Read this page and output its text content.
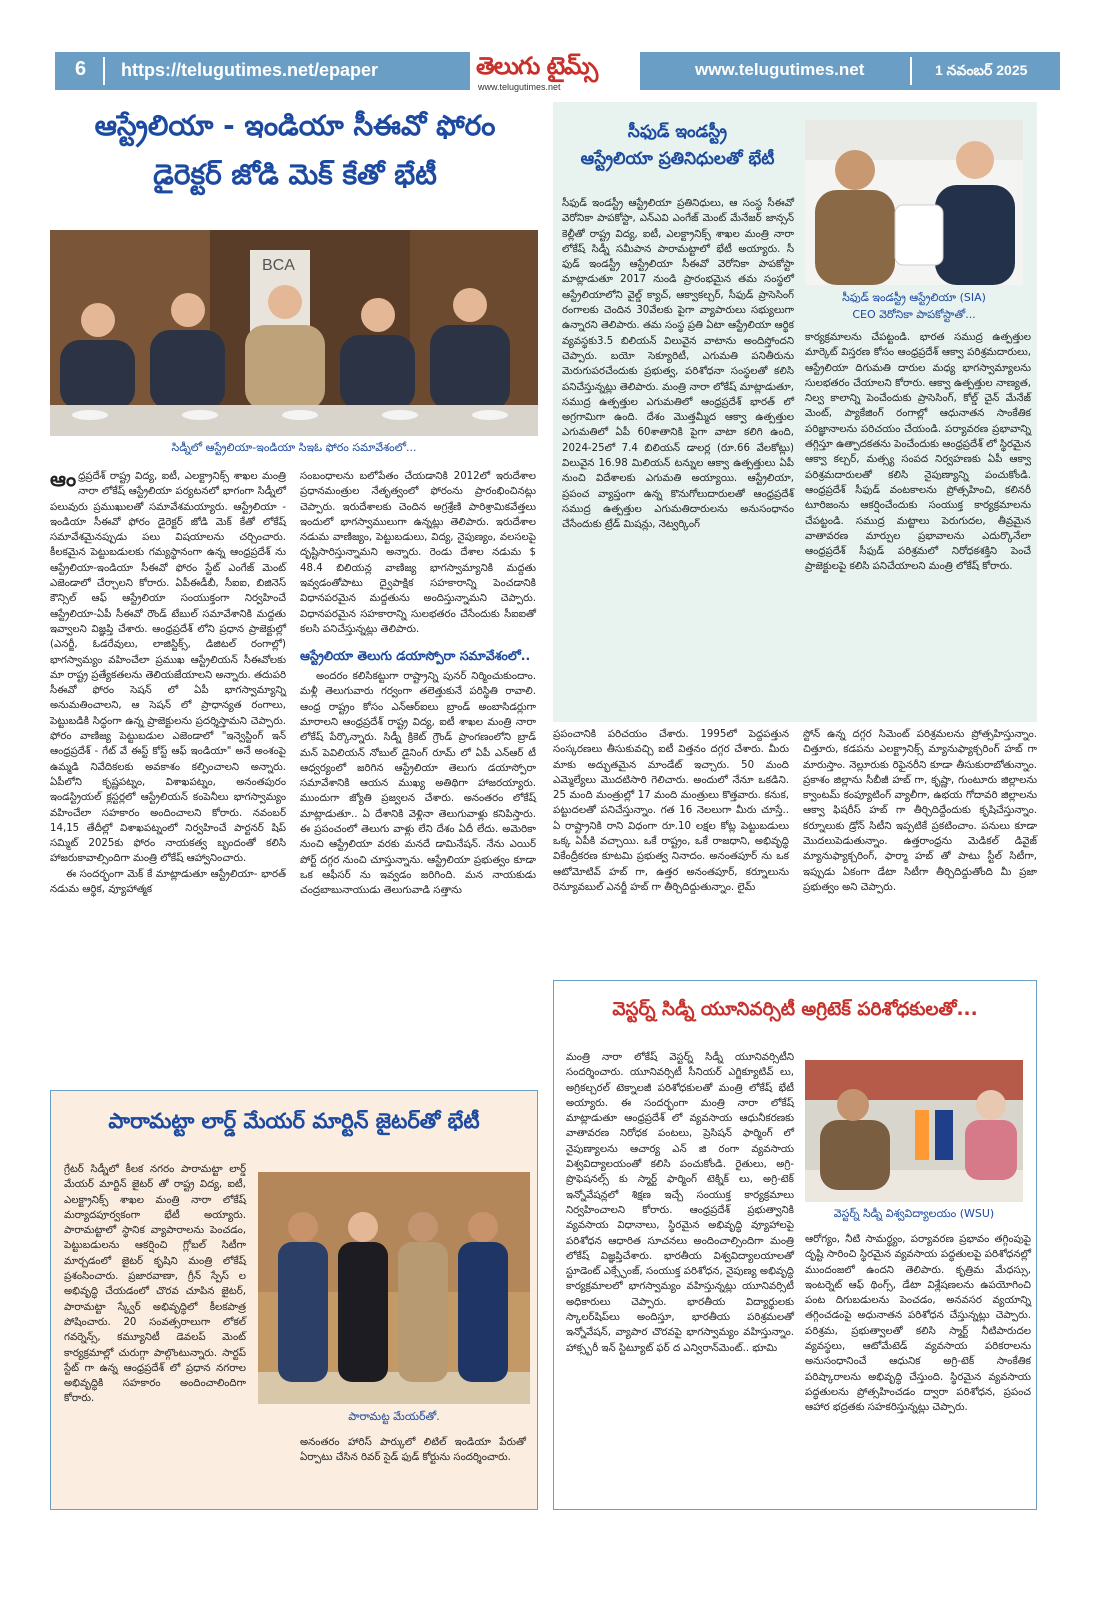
6 https://telugutimes.net/epaper	www.telugutimes.net	1 నవంబర్ 2025
తెలుగు టైమ్స్
www.telugutimes.net
ఆస్ట్రేలియా - ఇండియా సీఈవో ఫోరం
డైరెక్టర్ జోడి మెక్ కేతో భేటీ
BCA
సిడ్నీలో ఆస్ట్రేలియా-ఇండియా సిఇఓ ఫోరం సమావేశంలో...
ఆంధ్రప్రదేశ్ రాష్ట్ర విద్య, ఐటీ, ఎలక్ట్రానిక్స్ శాఖల మంత్రి నారా లోకేష్ ఆస్ట్రేలియా పర్యటనలో భాగంగా సిడ్నీలో పలువురు ప్రముఖులతో సమావేశమయ్యారు. ఆస్ట్రేలియా - ఇండియా సీఈవో ఫోరం డైరెక్టర్ జోడి మెక్ కేతో లోకేష్ సమావేశమైనప్పుడు పలు విషయాలను చర్చించారు. కీలకమైన పెట్టుబడులకు గమ్యస్థానంగా ఉన్న ఆంధ్రప్రదేశ్ ను ఆస్ట్రేలియా-ఇండియా సీఈవో ఫోరం స్టేట్ ఎంగేజ్ మెంట్ ఎజెండాలో చేర్చాలని కోరారు. ఏపీఈడీబీ, సీఐఐ, బిజినెస్ కౌన్సిల్ ఆఫ్ ఆస్ట్రేలియా సంయుక్తంగా నిర్వహించే ఆస్ట్రేలియా-ఏపీ సీఈవో రౌండ్ టేబుల్ సమావేశానికి మద్దతు ఇవ్వాలని విజ్ఞప్తి చేశారు. ఆంధ్రప్రదేశ్ లోని ప్రధాన ప్రాజెక్టుల్లో (ఎనర్జీ, ఓడరేవులు, లాజిస్టిక్స్, డిజిటల్ రంగాల్లో) భాగస్వామ్యం వహించేలా ప్రముఖ ఆస్ట్రేలియన్ సీఈవోలకు మా రాష్ట్ర ప్రత్యేకతలను తెలియజేయాలని అన్నారు. తదుపరి సీఈవో ఫోరం సెషన్ లో ఏపీ భాగస్వామ్యాన్ని అనుమతించాలని, ఆ సెషన్ లో ప్రాధాన్యత రంగాలు, పెట్టుబడికి సిద్ధంగా ఉన్న ప్రాజెక్టులను ప్రదర్శిస్తామని చెప్పారు. ఫోరం వాణిజ్య పెట్టుబడుల ఎజెండాలో "ఇన్వెస్టింగ్ ఇన్ ఆంధ్రప్రదేశ్ - గేట్ వే ఈస్ట్ కోస్ట్ ఆఫ్ ఇండియా" అనే అంశంపై ఉమ్మడి నివేదికలకు అవకాశం కల్పించాలని అన్నారు. ఏపీలోని కృష్ణపట్నం, విశాఖపట్నం, అనంతపురం ఇండస్ట్రియల్ క్లస్టర్లలో ఆస్ట్రేలియన్ కంపెనీలు భాగస్వామ్యం వహించేలా సహకారం అందించాలని కోరారు. నవంబర్ 14,15 తేదీల్లో విశాఖపట్నంలో నిర్వహించే పార్టనర్ షిప్ సమ్మిట్ 2025కు ఫోరం నాయకత్వ బృందంతో కలిసి హాజరుకావాల్సిందిగా మంత్రి లోకేష్ ఆహ్వానించారు.
ఈ సందర్భంగా మెక్ కే మాట్లాడుతూ ఆస్ట్రేలియా- భారత్ నడుమ ఆర్థిక, వ్యూహాత్మక
సంబంధాలను బలోపేతం చేయడానికి 2012లో ఇరుదేశాల ప్రధానమంత్రుల నేతృత్వంలో ఫోరంను ప్రారంభించినట్లు చెప్పారు. ఇరుదేశాలకు చెందిన అగ్రశ్రేణి పారిశ్రామికవేత్తలు ఇందులో భాగస్వాములుగా ఉన్నట్లు తెలిపారు. ఇరుదేశాల నడుమ వాణిజ్యం, పెట్టుబడులు, విద్య, నైపుణ్యం, వలసలపై దృష్టిసారిస్తున్నామని అన్నారు. రెండు దేశాల నడుమ $ 48.4 బిలియన్ల వాణిజ్య భాగస్వామ్యానికి మద్దతు ఇవ్వడంతోపాటు ద్వైపాక్షిక సహకారాన్ని పెంచడానికి విధానపరమైన మద్దతును అందిస్తున్నామని చెప్పారు. విధానపరమైన సహకారాన్ని సులభతరం చేసేందుకు సీఐఐతో కలసి పనిచేస్తున్నట్లు తెలిపారు.
ఆస్ట్రేలియా తెలుగు డయాస్పోరా సమావేశంలో..
అందరం కలిసికట్టుగా రాష్ట్రాన్ని పునర్ నిర్మించుకుందాం. మళ్లీ తెలుగువారు గర్వంగా తలెత్తుకునే పరిస్థితి రావాలి. ఆంధ్ర రాష్ట్రం కోసం ఎన్ఆర్ఐలు బ్రాండ్ అంబాసిడర్లుగా మారాలని ఆంధ్రప్రదేశ్ రాష్ట్ర విద్య, ఐటీ శాఖల మంత్రి నారా లోకేష్ పేర్కొన్నారు. సిడ్నీ క్రికెట్ గ్రౌండ్ ప్రాంగణంలోని బ్రాడ్ మన్ పెవిలియన్ నోబుల్ డైనింగ్ రూమ్ లో ఏపీ ఎన్ఆర్ టీ ఆధ్వర్యంలో జరిగిన ఆస్ట్రేలియా తెలుగు డయాస్పోరా సమావేశానికి ఆయన ముఖ్య అతిథిగా హాజరయ్యారు. ముందుగా జ్యోతి ప్రజ్వలన చేశారు. అనంతరం లోకేష్ మాట్లాడుతూ.. ఏ దేశానికి వెళ్లినా తెలుగువాళ్లు కనిపిస్తారు. ఈ ప్రపంచంలో తెలుగు వాళ్లు లేని దేశం ఏదీ లేదు. అమెరికా నుంచి ఆస్ట్రేలియా వరకు మనదే డామినేషన్. నేను ఎయిర్ పోర్ట్ దగ్గర నుంచి చూస్తున్నాను. ఆస్ట్రేలియా ప్రభుత్వం కూడా ఒక ఆఫీసర్ ను ఇవ్వడం జరిగింది. మన నాయకుడు చంద్రబాబునాయుడు తెలుగువాడి సత్తాను
సీఫుడ్ ఇండస్ట్రీ
ఆస్ట్రేలియా ప్రతినిధులతో భేటీ
సీఫుడ్ ఇండస్ట్రీ ఆస్ట్రేలియా (SIA)
CEO వెరోనికా పాపకోస్టాతో...
సీఫుడ్ ఇండస్ట్రీ ఆస్ట్రేలియా ప్రతినిధులు, ఆ సంస్థ సీఈవో వెరోనికా పాపకోస్టా, ఎన్ఎవి ఎంగేజ్ మెంట్ మేనేజర్ జాన్సన్ కెల్లీతో రాష్ట్ర విద్య, ఐటీ, ఎలక్ట్రానిక్స్ శాఖల మంత్రి నారా లోకేష్ సిడ్నీ సమీపాన పారామట్టాలో భేటీ అయ్యారు. సీ ఫుడ్ ఇండస్ట్రీ ఆస్ట్రేలియా సీఈవో వెరోనికా పాపకోస్టా మాట్లాడుతూ 2017 నుండి ప్రారంభమైన తమ సంస్థలో ఆస్ట్రేలియాలోని వైల్డ్ క్యాచ్, ఆక్వాకల్చర్, సీఫుడ్ ప్రాసెసింగ్ రంగాలకు చెందిన 30వేలకు పైగా వ్యాపారులు సభ్యులుగా ఉన్నారని తెలిపారు. తమ సంస్థ ప్రతి ఏటా ఆస్ట్రేలియా ఆర్థిక వ్యవస్థకు3.5 బిలియన్ విలువైన వాటాను అందిస్తోందని చెప్పారు. బయో సెక్యూరిటీ, ఎగుమతి పనితీరును మెరుగుపరచేందుకు ప్రభుత్వ, పరిశోధనా సంస్థలతో కలిసి పనిచేస్తున్నట్లు తెలిపారు. మంత్రి నారా లోకేష్ మాట్లాడుతూ, సముద్ర ఉత్పత్తుల ఎగుమతిలో ఆంధ్రప్రదేశ్ భారత్ లో అగ్రగామిగా ఉంది. దేశం మొత్తమ్మీద ఆక్వా ఉత్పత్తుల ఎగుమతిలో ఏపీ 60శాతానికి పైగా వాటా కలిగి ఉంది, 2024-25లో 7.4 బిలియన్ డాలర్ల (రూ.66 వేలకోట్లు) విలువైన 16.98 మిలియన్ టన్నుల ఆక్వా ఉత్పత్తులు ఏపీ నుంచి విదేశాలకు ఎగుమతి అయ్యాయి. ఆస్ట్రేలియా, ప్రపంచ వ్యాప్తంగా ఉన్న కొనుగోలుదారులతో ఆంధ్రప్రదేశ్ సముద్ర ఉత్పత్తుల ఎగుమతిదారులను అనుసంధానం చేసేందుకు ట్రేడ్ మిషన్లు, నెట్వర్కింగ్
కార్యక్రమాలను చేపట్టండి. భారత సముద్ర ఉత్పత్తుల మార్కెట్ విస్తరణ కోసం ఆంధ్రప్రదేశ్ ఆక్వా పరిశ్రమదారులు, ఆస్ట్రేలియా దిగుమతి దారుల మధ్య భాగస్వామ్యాలను సులభతరం చేయాలని కోరారు. ఆక్వా ఉత్పత్తుల నాణ్యత, నిల్వ కాలాన్ని పెంచేందుకు ప్రాసెసింగ్, కోల్డ్ చైన్ మేనేజ్ మెంట్, ప్యాకేజింగ్ రంగాల్లో ఆధునాతన సాంకేతిక పరిజ్ఞానాలను పరిచయం చేయండి. పర్యావరణ ప్రభావాన్ని తగ్గిస్తూ ఉత్పాదకతను పెంచేందుకు ఆంధ్రప్రదేశ్ లో స్థిరమైన ఆక్వా కల్చర్, మత్స్య సంపద నిర్వహణకు ఏపీ ఆక్వా పరిశ్రమదారులతో కలిసి నైపుణ్యాన్ని పంచుకోండి. ఆంధ్రప్రదేశ్ సీఫుడ్ వంటకాలను ప్రోత్సహించి, కలినరీ టూరిజంను ఆకర్షించేందుకు సంయుక్త కార్యక్రమాలను చేపట్టండి. సముద్ర మట్టాలు పెరుగుదల, తీవ్రమైన వాతావరణ మార్పుల ప్రభావాలను ఎదుర్కొనేలా ఆంధ్రప్రదేశ్ సీఫుడ్ పరిశ్రమలో నిరోధకశక్తిని పెంచే ప్రాజెక్టులపై కలిసి పనిచేయాలని మంత్రి లోకేష్ కోరారు.
ప్రపంచానికి పరిచయం చేశారు. 1995లో పెద్దపత్తున సంస్కరణలు తీసుకువచ్చి ఐటీ విత్తనం దగ్గర చేశారు. మీరు మాకు అద్భుతమైన మాండేట్ ఇచ్చారు. 50 మంది ఎమ్మెల్యేలు మొదటిసారి గెలిచారు. అందులో నేనూ ఒకడిని. 25 మంది మంత్రుల్లో 17 మంది మంత్రులు కొత్తవారు. కనుక, పట్టుదలతో పనిచేస్తున్నాం. గత 16 నెలలుగా మీరు చూస్తే.. ఏ రాష్ట్రానికి రాని విధంగా రూ.10 లక్షల కోట్ల పెట్టుబడులు ఒక్క ఏపీకి వచ్చాయి. ఒకే రాష్ట్రం, ఒకే రాజధాని, అభివృద్ధి వికేంద్రీకరణ కూటమి ప్రభుత్వ నినాదం. అనంతపూర్ ను ఒక ఆటోమోటివ్ హబ్ గా, ఉత్తర అనంతపూర్, కర్నూలును రెన్యూవబుల్ ఎనర్జీ హబ్ గా తీర్చిదిద్దుతున్నాం. లైమ్
స్టోన్ ఉన్న దగ్గర సిమెంట్ పరిశ్రమలను ప్రోత్సహిస్తున్నాం. చిత్తూరు, కడపను ఎలక్ట్రానిక్స్ మ్యానుఫ్యాక్చరింగ్ హబ్ గా మారుస్తాం. నెల్లూరుకు రిఫైనరీని కూడా తీసుకురాబోతున్నాం. ప్రకాశం జిల్లాను సీబీజీ హబ్ గా, కృష్ణా, గుంటూరు జిల్లాలను క్వాంటమ్ కంప్యూటింగ్ వ్యాలీగా, ఉభయ గోదావరి జిల్లాలను ఆక్వా ఫిషరీస్ హబ్ గా తీర్చిదిద్దేందుకు కృషిచేస్తున్నాం. కర్నూలుకు డ్రోన్ సిటీని ఇప్పటికే ప్రకటించాం. పనులు కూడా మొదలుపెడుతున్నాం. ఉత్తరాంధ్రను మెడికల్ డివైజ్ మ్యానుఫ్యాక్చరింగ్, ఫార్మా హబ్ తో పాటు స్టీల్ సిటీగా, ఇప్పుడు ఏకంగా డేటా సిటీగా తీర్చిదిద్దుతోంది మీ ప్రజా ప్రభుత్వం అని చెప్పారు.
పారామట్టా లార్డ్ మేయర్ మార్టిన్ జైటర్‌తో భేటీ
గ్రేటర్ సిడ్నీలో కీలక నగరం పారామట్టా లార్డ్ మేయర్ మార్టిన్ జైటర్ తో రాష్ట్ర విద్య, ఐటీ, ఎలక్ట్రానిక్స్ శాఖల మంత్రి నారా లోకేష్ మర్యాదపూర్వకంగా భేటీ అయ్యారు. పారామట్టాలో స్థానిక వ్యాపారాలను పెంచడం, పెట్టుబడులను ఆకర్షించి గ్లోబల్ సిటీగా మార్చడంలో జైటర్ కృషిని మంత్రి లోకేష్ ప్రశంసించారు. ప్రజారవాణా, గ్రీన్ స్పేస్ ల అభివృద్ధి చేయడంలో చొరవ చూపిన జైటర్, పారామట్టా స్క్వేర్ అభివృద్ధిలో కీలకపాత్ర పోషించారు. 20 సంవత్సరాలుగా లోకల్ గవర్నెన్స్, కమ్యూనిటీ డెవలప్ మెంట్ కార్యక్రమాల్లో చురుగ్గా పాల్గొంటున్నారు. సార్టప్ స్టేట్ గా ఉన్న ఆంధ్రప్రదేశ్ లో ప్రధాన నగరాల అభివృద్ధికి సహకారం అందించాలిందిగా కోరారు.
పారామట్ట మేయర్‌తో.
అనంతరం హారిస్ పార్కులో లిటిల్ ఇండియా పేరుతో ఏర్పాటు చేసిన రివర్ సైడ్ ఫుడ్ కోర్టును సందర్శించారు.
వెస్టర్న్ సిడ్నీ యూనివర్సిటీ అగ్రిటెక్ పరిశోధకులతో...
మంత్రి నారా లోకేష్ వెస్టర్న్ సిడ్నీ యూనివర్సిటీని సందర్శించారు. యూనివర్సిటీ సీనియర్ ఎగ్జిక్యూటివ్ లు, అగ్రికల్చరల్ టెక్నాలజీ పరిశోధకులతో మంత్రి లోకేష్ భేటీ అయ్యారు. ఈ సందర్భంగా మంత్రి నారా లోకేష్ మాట్లాడుతూ ఆంధ్రప్రదేశ్ లో వ్యవసాయ ఆధునీకరణకు వాతావరణ నిరోధక పంటలు, ప్రెసిషన్ ఫార్మింగ్ లో నైపుణ్యాలను ఆచార్య ఎన్ జి రంగా వ్యవసాయ విశ్వవిద్యాలయంతో కలిసి పంచుకోండి. రైతులు, అగ్రి-ప్రొఫెషనల్స్ కు స్మార్ట్ ఫార్మింగ్ టెక్నిక్ లు, అగ్రి-టెక్ ఇన్నోవేషన్లలో శిక్షణ ఇచ్చే సంయుక్త కార్యక్రమాలు నిర్వహించాలని కోరారు. ఆంధ్రప్రదేశ్ ప్రభుత్వానికి వ్యవసాయ విధానాలు, స్థిరమైన అభివృద్ధి వ్యూహాలపై పరిశోధన ఆధారిత సూచనలు అందించాల్సిందిగా మంత్రి లోకేష్ విజ్ఞప్తిచేశారు. భారతీయ విశ్వవిద్యాలయాలతో స్టూడెంట్ ఎక్స్ఛేంజ్, సంయుక్త పరిశోధన, నైపుణ్య అభివృద్ధి కార్యక్రమాలలో భాగస్వామ్యం వహిస్తున్నట్లు యూనివర్సిటీ అధికారులు చెప్పారు. భారతీయ విద్యార్థులకు స్కాలర్‌షిప్‌లు అందిస్తూ, భారతీయ పరిశ్రమలతో ఇన్నోవేషన్, వ్యాపార చొరవపై భాగస్వామ్యం వహిస్తున్నాం. హాక్స్బరీ ఇన్ స్టిట్యూట్ ఫర్ ద ఎన్విరాన్‌మెంట్.. భూమి
వెస్టర్న్ సిడ్నీ విశ్వవిద్యాలయం (WSU)
ఆరోగ్యం, నీటి సామర్థ్యం, పర్యావరణ ప్రభావం తగ్గింపుపై దృష్టి సారించి స్థిరమైన వ్యవసాయ పద్ధతులపై పరిశోధనల్లో ముందంజలో ఉందని తెలిపారు. కృత్రిమ మేధస్సు, ఇంటర్నెట్ ఆఫ్ థింగ్స్, డేటా విశ్లేషణలను ఉపయోగించి పంట దిగుబడులను పెంచడం, అనవసర వ్యయాన్ని తగ్గించడంపై అధునాతన పరిశోధన చేస్తున్నట్లు చెప్పారు. పరిశ్రమ, ప్రభుత్వాలతో కలిసి స్మార్ట్ నీటిపారుదల వ్యవస్థలు, ఆటోమేటెడ్ వ్యవసాయ పరికరాలను అనుసంధానించే ఆధునిక అగ్రి-టెక్ సాంకేతిక పరిష్కారాలను అభివృద్ధి చేస్తుంది. స్థిరమైన వ్యవసాయ పద్ధతులను ప్రోత్సహించడం ద్వారా పరిశోధన, ప్రపంచ ఆహార భద్రతకు సహకరిస్తున్నట్లు చెప్పారు.
